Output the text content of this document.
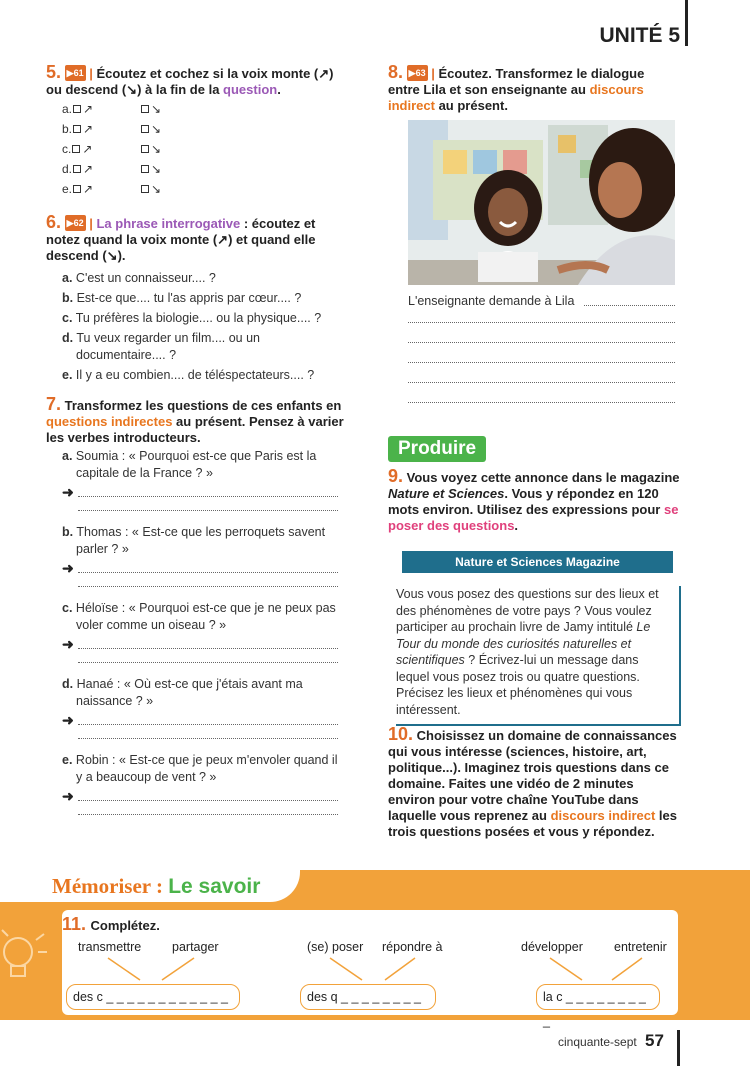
UNITÉ 5
5. ▶61 | Écoutez et cochez si la voix monte (↗) ou descend (↘) à la fin de la question.
a. ↗	↘
b. ↗	↘
c. ↗	↘
d. ↗	↘
e. ↗	↘
6. ▶62 | La phrase interrogative : écoutez et notez quand la voix monte (↗) et quand elle descend (↘).
a. C'est un connaisseur.... ?
b. Est-ce que.... tu l'as appris par cœur.... ?
c. Tu préfères la biologie.... ou la physique.... ?
d. Tu veux regarder un film.... ou un documentaire.... ?
e. Il y a eu combien.... de téléspectateurs.... ?
7. Transformez les questions de ces enfants en questions indirectes au présent. Pensez à varier les verbes introducteurs.
a. Soumia : « Pourquoi est-ce que Paris est la capitale de la France ? »
➜
b. Thomas : « Est-ce que les perroquets savent parler ? »
➜
c. Héloïse : « Pourquoi est-ce que je ne peux pas voler comme un oiseau ? »
➜
d. Hanaé : « Où est-ce que j'étais avant ma naissance ? »
➜
e. Robin : « Est-ce que je peux m'envoler quand il y a beaucoup de vent ? »
➜
8. ▶63 | Écoutez. Transformez le dialogue entre Lila et son enseignante au discours indirect au présent.
L'enseignante demande à Lila
Produire
9. Vous voyez cette annonce dans le magazine Nature et Sciences. Vous y répondez en 120 mots environ. Utilisez des expressions pour se poser des questions.
Nature et Sciences Magazine
Vous vous posez des questions sur des lieux et des phénomènes de votre pays ? Vous voulez participer au prochain livre de Jamy intitulé Le Tour du monde des curiosités naturelles et scientifiques ? Écrivez-lui un message dans lequel vous posez trois ou quatre questions. Précisez les lieux et phénomènes qui vous intéressent.
10. Choisissez un domaine de connaissances qui vous intéresse (sciences, histoire, art, politique...). Imaginez trois questions dans ce domaine. Faites une vidéo de 2 minutes environ pour votre chaîne YouTube dans laquelle vous reprenez au discours indirect les trois questions posées et vous y répondez.
Mémoriser : Le savoir
11. Complétez.
transmettre partager	(se) poser répondre à	développer entretenir
des c _ _ _ _ _ _ _ _ _ _ _ _	des q _ _ _ _ _ _ _ _	la c _ _ _ _ _ _ _ _ _
cinquante-sept 57
